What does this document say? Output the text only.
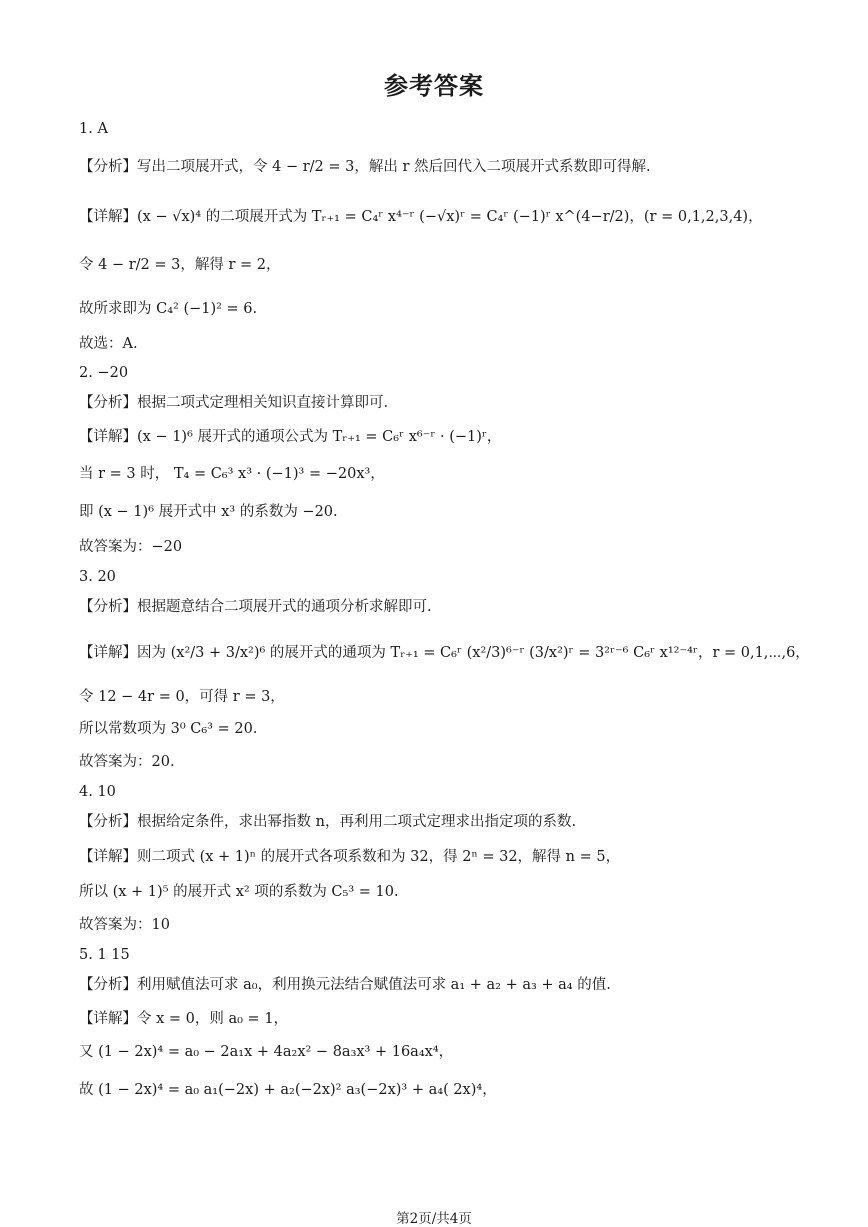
参考答案
1. A
【分析】写出二项展开式，令 4 − r/2 = 3，解出 r 然后回代入二项展开式系数即可得解.
【详解】(x − √x)⁴ 的二项展开式为 Tᵣ₊₁ = C₄ʳ x⁴⁻ʳ (−√x)ʳ = C₄ʳ (−1)ʳ x^(4−r/2)，(r = 0,1,2,3,4)，
令 4 − r/2 = 3，解得 r = 2，
故所求即为 C₄² (−1)² = 6.
故选：A.
2. −20
【分析】根据二项式定理相关知识直接计算即可.
【详解】(x − 1)⁶ 展开式的通项公式为 Tᵣ₊₁ = C₆ʳ x⁶⁻ʳ · (−1)ʳ，
当 r = 3 时， T₄ = C₆³ x³ · (−1)³ = −20x³，
即 (x − 1)⁶ 展开式中 x³ 的系数为 −20.
故答案为：−20
3. 20
【分析】根据题意结合二项展开式的通项分析求解即可.
【详解】因为 (x²/3 + 3/x²)⁶ 的展开式的通项为 Tᵣ₊₁ = C₆ʳ (x²/3)⁶⁻ʳ (3/x²)ʳ = 3²ʳ⁻⁶ C₆ʳ x¹²⁻⁴ʳ，r = 0,1,⋯,6，
令 12 − 4r = 0，可得 r = 3，
所以常数项为 3⁰ C₆³ = 20.
故答案为：20.
4. 10
【分析】根据给定条件，求出幂指数 n，再利用二项式定理求出指定项的系数.
【详解】则二项式 (x + 1)ⁿ 的展开式各项系数和为 32，得 2ⁿ = 32，解得 n = 5，
所以 (x + 1)⁵ 的展开式 x² 项的系数为 C₅³ = 10.
故答案为：10
5. 1 15
【分析】利用赋值法可求 a₀，利用换元法结合赋值法可求 a₁ + a₂ + a₃ + a₄ 的值.
【详解】令 x = 0，则 a₀ = 1，
又 (1 − 2x)⁴ = a₀ − 2a₁x + 4a₂x² − 8a₃x³ + 16a₄x⁴，
故 (1 − 2x)⁴ = a₀ a₁(−2x) + a₂(−2x)² a₃(−2x)³ + a₄( 2x)⁴，
第2页/共4页
